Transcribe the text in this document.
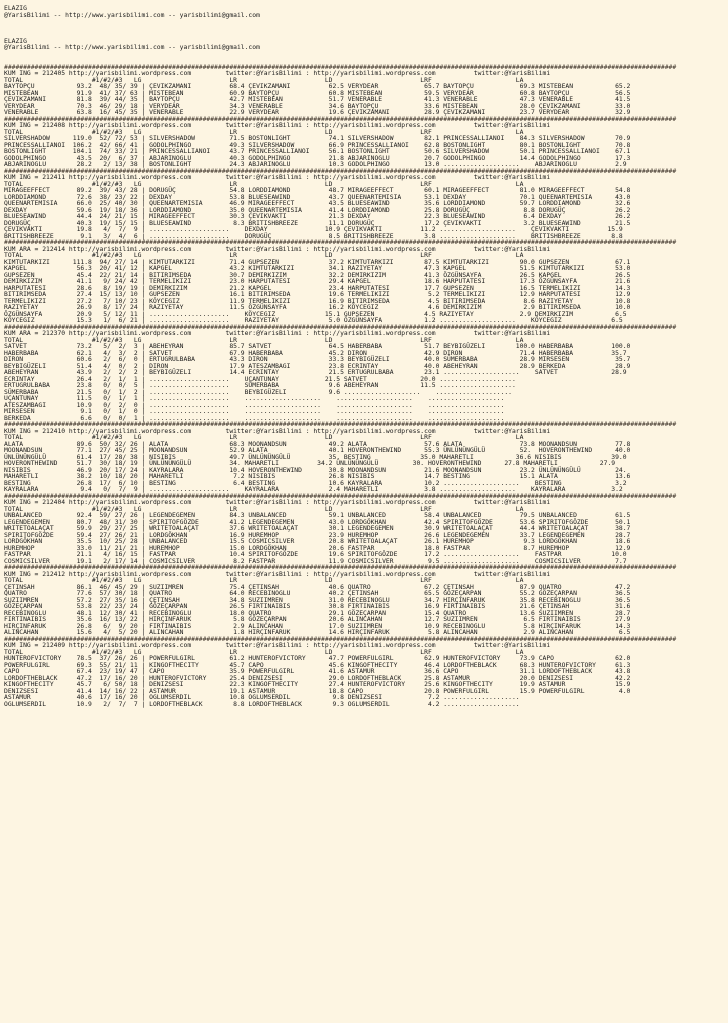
ELAZIG
@YarisBilimi -- http://www.yarisbilimi.com -- yarisbilimi@gmail.com

ELAZIG
@YarisBilimi -- http://www.yarisbilimi.com -- yarisbilimi@gmail.com

################################################################################################################################################################################
KUM ING = 212405 http://yarisbilimi.wordpress.com         twitter:@YarisBilimi : http://yarisbilimi.wordpress.com          twitter:@YarisBilimi
TOTAL                  #1/#2/#3   LG                       LR                       LD                       LRF                      LA
BAYTOPÇU           93.2  48/ 35/ 39 | ÇEVIKZAMANI          68.4 ÇEVIKZAMANI          62.5 VERYDEAR            65.7 BAYTOPÇU            69.3 MISTEBEAN           65.2
MISTEBEAN          91.9  41/ 37/ 63 | MISTEBEAN            60.9 BAYTOPÇU             60.8 MISTEBEAN           59.5 VERYDEAR            60.8 BAYTOPÇU            56.5
ÇEVIKZAMANI        81.8  39/ 44/ 35 | BAYTOPÇU             42.7 MISTEBEAN            51.7 VENERABLE           41.3 VENERABLE           47.3 VENERABLE           41.5
VERYDEAR           70.3  46/ 29/ 18 | VERYDEAR             34.3 VENERABLE            34.6 BAYTOPÇU            33.6 MISTEBEAN           28.0 ÇEVIKZAMANI         33.0
VENERABLE          63.8  16/ 45/ 35 | VENERABLE            22.9 VERYDEAR             19.6 ÇEVIKZAMANI         28.9 ÇEVIKZAMANI         23.7 VERYDEAR            32.9
################################################################################################################################################################################
KUM ING = 212408 http://yarisbilimi.wordpress.com         twitter:@YarisBilimi : http://yarisbilimi.wordpress.com          twitter:@YarisBilimi
TOTAL                  #1/#2/#3   LG                       LR                       LD                       LRF                      LA
SILVERSHADOW      119.0  52/ 72/ 53 | SILVERSHADOW         71.5 BOSTONLIGHT          74.1 SILVERSHADOW        82.1 PRINCESSALLIANOI    84.3 SILVERSHADOW        70.9
PRINCESSALLIANOI  106.2  42/ 66/ 41 | GODOLPHINGO          49.3 SILVERSHADOW         66.9 PRINCESSALLIANOI    62.8 BOSTONLIGHT         80.1 BOSTONLIGHT         70.8
BOSTONLIGHT       104.1  74/ 33/ 21 | PRINCESSALLIANOI     43.7 PRINCESSALLIANOI     56.1 BOSTONLIGHT         50.6 SILVERSHADOW        50.1 PRINCESSALLIANOI    67.1
GODOLPHINGO        43.5  20/  6/ 37 | ABJARINOGLU          40.3 GODOLPHINGO          21.8 ABJARINOGLU         20.7 GODOLPHINGO         14.4 GODOLPHINGO         17.3
ABJARINOGLU        28.2   2/ 13/ 38 | BOSTONLIGHT          24.3 ABJARINOGLU          10.3 GODOLPHINGO         13.0 ....................    ABJARINOGLU          2.9
################################################################################################################################################################################
KUM ING = 212411 http://yarisbilimi.wordpress.com         twitter:@YarisBilimi : http://yarisbilimi.wordpress.com          twitter:@YarisBilimi
TOTAL                  #1/#2/#3   LG                       LR                       LD                       LRF                      LA
MIRAGEEFFECT       89.2  39/ 43/ 28 | DORUGÜÇ              54.8 LORDDIAMOND          48.7 MIRAGEEFFECT        60.1 MIRAGEEFFECT        81.0 MIRAGEEFFECT        54.8
LORDDIAMOND        72.6  38/ 23/ 22 | DEXDAY               53.8 BLUESEAWIND          43.7 QUEENARTEMISIA      53.1 DEXDAY              70.1 QUEENARTEMISIA      43.0
QUEENARTEMISIA     66.0  25/ 40/ 30 | QUEENARTEMISIA       46.9 MIRAGEEFFECT         43.5 BLUESEAWIND         35.6 LORDDIAMOND         59.7 LORDDIAMOND         32.6
DEXDAY             59.6  19/ 18/ 36 | LORDDIAMOND          35.0 QUEENARTEMISIA       41.4 LORDDIAMOND         25.8 DORUGÜÇ              8.8 DORUGÜÇ             26.2
BLUESEAWIND        44.4  24/ 21/ 15 | MIRAGEEFFECT         30.3 ÇEVIKVAKTI           21.3 DEXDAY              22.3 BLUESEAWIND          6.4 DEXDAY              26.2
DORUGÜÇ            40.3  19/ 15/ 15 | BLUESEAWIND           8.3 BRITISHBREEZE        11.1 DORUGÜÇ             17.2 ÇEVIKVAKTI           3.2 BLUESEAWIND         21.5
ÇEVIKVAKTI         19.8   4/  7/  9 | .....................    DEXDAY               10.9 ÇEVIKVAKTI          11.2 ....................    ÇEVIKVAKTI          15.9
BRITISHBREEZE       9.1   3/  4/  6 | .....................    DORUGÜÇ               8.5 BRITISHBREEZE        3.8 ....................    BRITISHBREEZE        8.8
################################################################################################################################################################################
KUM ARA = 212414 http://yarisbilimi.wordpress.com         twitter:@YarisBilimi : http://yarisbilimi.wordpress.com          twitter:@YarisBilimi
TOTAL                  #1/#2/#3   LG                       LR                       LD                       LRF                      LA
KIMTUTARKIZI      111.8  94/ 27/ 14 | KIMTUTARKIZI         71.4 GUPSEZEN             37.2 KIMTUTARKIZI        87.5 KIMTUTARKIZI        90.0 GUPSEZEN            67.1
KAPGEL             56.3  20/ 41/ 12 | KAPGEL               43.2 KIMTUTARKIZI         34.1 RAZIYETAY           47.3 KAPGEL              51.5 KIMTUTARKIZI        53.0
GUPSEZEN           45.4  22/ 21/ 14 | BITIRIMSEDA          30.7 DEMIRKIZIM           32.2 DEMIRKIZIM          41.3 ÖZGÜNSAYFA          26.5 KAPGEL              26.5
DEMIRKIZIM         41.1   9/ 24/ 42 | TERMELIKIZI          23.0 HARPUTATESI          29.4 KAPGEL              18.6 HARPUTATESI         17.3 ÖZGÜNSAYFA          21.6
HARPUTATESI        28.6   8/ 19/ 19 | DEMIRKIZIM           21.2 KAPGEL               23.4 HARPUTATESI         17.7 GUPSEZEN            16.5 TERMELIKIZI         14.3
BITIRIMSEDA        27.4  15/ 13/ 10 | GUPSEZEN             16.1 BITIRIMSEDA          19.6 TERMELIKIZI          5.2 TERMELIKIZI         12.9 HARPUTATESI         12.9
TERMELIKIZI        27.2   7/ 10/ 23 | KÖYCEGIZ             11.9 TERMELIKIZI          16.9 BITIRIMSEDA          4.5 BITIRIMSEDA          8.6 RAZIYETAY           10.8
RAZIYETAY          26.9   8/ 17/ 24 | RAZIYETAY            11.5 ÖZGÜNSAYFA           16.2 KÖYCEGIZ             4.6 DEMIRKIZIM           2.9 BITIRIMSEDA         10.0
ÖZGÜNSAYFA         20.9   5/ 12/ 11 | .....................    KÖYCEGIZ             15.1 GUPSEZEN             4.5 RAZIYETAY            2.9 DEMIRKIZIM           6.5
KÖYCEGIZ           15.3   1/  6/ 21 | .....................    RAZIYETAY             5.0 ÖZGÜNSAYFA           1.2 ....................    KÖYCEGIZ             6.5
################################################################################################################################################################################
KUM ARA = 212370 http://yarisbilimi.wordpress.com         twitter:@YarisBilimi : http://yarisbilimi.wordpress.com          twitter:@YarisBilimi
TOTAL                  #1/#2/#3   LG                       LR                       LD                       LRF                      LA
SATVET             73.2   5/  2/  3 | ABEHEYRAN            85.7 SATVET               64.5 HABERBABA           51.7 BEYBIGÜZELI        100.0 HABERBABA          100.0
HABERBABA          62.1   4/  3/  2 | SATVET               67.9 HABERBABA            45.2 DIRON               42.9 DIRON               71.4 HABERBABA          35.7
DIRON              60.6   2/  6/  0 | ERTUGRULBABA         43.3 DIRON                33.3 BEYBIGÜZELI         40.0 SÜMERBABA           28.9 MIRSESEN            35.7
BEYBIGÜZELI        51.4   4/  0/  2 | DIRON                17.9 ATESZAMBAGI          23.8 ECRINTAY            40.0 ABEHEYRAN           28.9 BERKEDA             28.9
ABEHEYRAN          43.9   2/  2/  2 | BEYBIGÜZELI          14.4 ECRINTAY             21.5 ERTUGRULBABA        23.1 ....................    SATVET              28.9
ECRINTAY           26.4   2/  1/  1 | .....................    UÇANTUNAY            21.5 SATVET              20.0 ....................
ERTUGRULBABA       23.8   0/  0/  5 | .....................    SÜMERBABA             9.6 ABEHEYRAN           11.5 ....................
SÜMERBABA          21.5   0/  1/  2 | .....................    BEYBIGÜZELI           9.6 ....................    ....................
UÇANTUNAY          11.5   0/  1/  1 | .....................    ....................    ....................    ....................
ATESZAMBAGI        10.9   0/  2/  0 | .....................    ....................    ....................    ....................
MIRSESEN            9.1   0/  1/  0 | .....................    ....................    ....................    ....................
BERKEDA             6.6   0/  0/  1 | .....................    ....................    ....................    ....................
################################################################################################################################################################################
KUM ING = 212410 http://yarisbilimi.wordpress.com         twitter:@YarisBilimi : http://yarisbilimi.wordpress.com          twitter:@YarisBilimi
TOTAL                  #1/#2/#3   LG                       LR                       LD                       LRF                      LA
ALATA              89.6  50/ 32/ 26 | ALATA                68.3 MOONANDSUN           49.2 ALATA               57.6 ALATA               73.8 MOONANDSUN          77.8
MOONANDSUN         77.1  27/ 45/ 25 | MOONANDSUN           52.9 ALATA                40.1 HOVERONTHEWIND      55.3 ÜNLÜNÜNGÜLÜ         52.  HOVERONTHEWIND      40.0
ÜNLÜNÜNGÜLÜ        61.4  17/ 28/ 38 | NISIBIS              49.7 ÜNLÜNÜNGÜLÜ          35. BESTING             35.0 MAHARETLI           36.6 NISIBIS             39.0
HOVERONTHEWIND     51.7  30/ 18/ 19 | ÜNLÜNÜNGÜLÜ          34. MAHARETLI          34.2 ÜNLÜNÜNGÜLÜ         30. HOVERONTHEWIND      27.8 MAHARETLI           27.9
NISIBIS            46.9  20/ 17/ 24 | KAYRALARA            10.4 HOVERONTHEWIND       30.8 MOONANDSUN          21.6 MOONANDSUN          23.2 ÜNLÜNÜNGÜLÜ         24.
MAHARETLI          38.2  10/ 18/ 20 | MAHARETLI             7.2 NISIBIS              26.8 NISIBIS             14.7 BESTING             15.1 ALATA               13.6
BESTING            26.8  17/  6/ 10 | BESTING               6.4 BESTING              10.6 KAYRALARA           10.2 ....................    BESTING              3.2
KAYRALARA           9.4   0/  7/  9 | .....................    KAYRALARA             2.4 MAHARETLI            3.8 ....................    KAYRALARA            3.2
################################################################################################################################################################################
KUM ING = 212404 http://yarisbilimi.wordpress.com         twitter:@YarisBilimi : http://yarisbilimi.wordpress.com          twitter:@YarisBilimi
TOTAL                  #1/#2/#3   LG                       LR                       LD                       LRF                      LA
UNBALANCED         92.4  59/ 27/ 26 | LEGENDEGEMEN         84.3 UNBALANCED           59.1 UNBALANCED          58.4 UNBALANCED          79.5 UNBALANCED          61.5
LEGENDEGEMEN       80.7  48/ 31/ 30 | SPIRITOFGÖZDE        41.2 LEGENDEGEMEN         43.0 LORDGÖKHAN          42.4 SPIRITOFGÖZDE       53.6 SPIRITOFGÖZDE       50.1
WRITETOALAÇAT      59.9  29/ 27/ 25 | WRITETOALAÇAT        37.6 WRITETOALAÇAT        30.1 LEGENDEGEMEN        30.9 WRITETOALAÇAT       44.4 WRITETOALAÇAT       38.7
SPIRITOFGÖZDE      59.4  27/ 26/ 21 | LORDGÖKHAN           16.9 HUREMHOP             23.9 HUREMHOP            26.6 LEGENDEGEMEN        33.7 LEGENDEGEMEN        28.7
LORDGÖKHAN         35.5  10/ 25/ 28 | UNBALANCED           15.5 COSMICSILVER         20.8 WRITETOALAÇAT       26.1 HUREMHOP             9.3 LORDGÖKHAN          18.6
HUREMHOP           33.0  11/ 21/ 21 | HUREMHOP             15.0 LORDGÖKHAN           20.6 FASTPAR             18.0 FASTPAR              8.7 HUREMHOP            12.9
FASTPAR            21.1   4/ 16/ 15 | FASTPAR              10.4 SPIRITOFGÖZDE        19.6 SPIRITOFGÖZDE       17.2 ....................    FASTPAR             10.0
COSMICSILVER       19.1   2/ 17/ 14 | COSMICSILVER          8.2 FASTPAR              11.9 COSMICSILVER         9.5 ....................    COSMICSILVER         7.7
################################################################################################################################################################################
KUM ING = 212412 http://yarisbilimi.wordpress.com         twitter:@YarisBilimi : http://yarisbilimi.wordpress.com          twitter:@YarisBilimi
TOTAL                  #1/#2/#3   LG                       LR                       LD                       LRF                      LA
ÇETINSAH           86.1  46/ 45/ 29 | SUZIIMREN            75.4 ÇETINSAH             40.6 QUATRO              67.2 ÇETINSAH            87.9 QUATRO              47.2
QUATRO             77.6  57/ 30/ 18 | QUATRO               64.0 RECEBINOGLU          40.2 ÇETINSAH            65.5 GÖZEÇARPAN          55.2 GÖZEÇARPAN          36.5
SUZIIMREN          57.2  27/ 35/ 16 | ÇETINSAH             34.8 SUZIIMREN            31.0 RECEBINOGLU         34.7 HIRÇINFARUK         35.8 RECEBINOGLU         36.5
GÖZEÇARPAN         53.8  22/ 23/ 24 | GÖZEÇARPAN           26.5 FIRTINAIBIS          30.8 FIRTINAIBIS         16.9 FIRTINAIBIS         21.6 ÇETINSAH            31.6
RECEBINOGLU        48.1  12/ 30/ 41 | RECEBINOGLU          18.0 QUATRO               29.1 GÖZEÇARPAN          15.4 QUATRO              13.6 SUZIIMREN           28.7
FIRTINAIBIS        35.6  16/ 13/ 22 | HIRÇINFARUK           5.8 GÖZEÇARPAN           20.6 ALINCAHAN           12.7 SUZIIMREN            6.5 FIRTINAIBIS         27.9
HIRÇINFARUK        26.8   6/  9/ 20 | FIRTINAIBIS           2.9 ALINCAHAN            17.0 SUZIIMREN           10.9 RECEBINOGLU          5.8 HIRÇINFARUK         14.3
ALINCAHAN          15.6   4/  5/ 20 | ALINCAHAN             1.8 HIRÇINFARUK          14.6 HIRÇINFARUK          5.8 ALINCAHAN            2.9 ALINCAHAN            6.5
################################################################################################################################################################################
KUM ING = 212409 http://yarisbilimi.wordpress.com         twitter:@YarisBilimi : http://yarisbilimi.wordpress.com          twitter:@YarisBilimi
TOTAL                  #1/#2/#3   LG                       LR                       LD                       LRF                      LA
HUNTEROFVICTORY    78.5  37/ 26/ 26 | POWERFULGIRL         61.2 HUNTEROFVICTORY      47.7 POWERFULGIRL        62.9 HUNTEROFVICTORY     73.9 CAPO                62.0
POWERFULGIRL       69.3  55/ 21/ 11 | KINGOFTHECITY        45.7 CAPO                 45.6 KINGOFTHECITY       46.4 LORDOFTHEBLACK      68.3 HUNTEROFVICTORY     61.3
CAPO               67.4  23/ 19/ 47 | CAPO                 35.9 POWERFULGIRL         41.6 ASTAMUR             36.6 CAPO                31.1 LORDOFTHEBLACK      43.8
LORDOFTHEBLACK     47.2  17/ 16/ 20 | HUNTEROFVICTORY      25.4 DENIZSESI            29.0 LORDOFTHEBLACK      25.8 ASTAMUR             20.0 DENIZSESI           42.2
KINGOFTHECITY      45.7   6/ 50/ 18 | DENIZSESI            22.3 KINGOFTHECITY        27.4 HUNTEROFVICTORY     25.6 KINGOFTHECITY       19.9 ASTAMUR             15.9
DENIZSESI          41.4  14/ 16/ 22 | ASTAMUR              19.1 ASTAMUR              18.8 CAPO                20.8 POWERFULGIRL        15.9 POWERFULGIRL         4.0
ASTAMUR            40.6  17/ 16/ 20 | OGLUMSERDIL          10.8 OGLUMSERDIL           9.8 DENIZSESI            7.2 ....................
OGLUMSERDIL        10.9   2/  7/  7 | LORDOFTHEBLACK        8.8 LORDOFTHEBLACK        9.3 OGLUMSERDIL          4.2 ....................
